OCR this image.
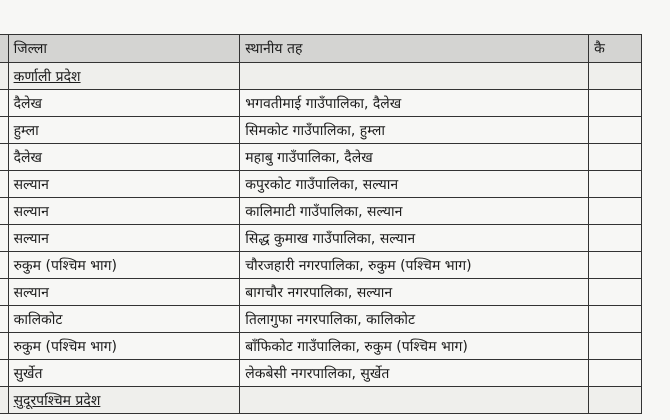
	जिल्ला	स्थानीय तह	कै
	कर्णाली प्रदेश		
	दैलेख	भगवतीमाई गाउँपालिका, दैलेख	
	हुम्ला	सिमकोट गाउँपालिका, हुम्ला	
	दैलेख	महाबु गाउँपालिका, दैलेख	
	सल्यान	कपुरकोट गाउँपालिका, सल्यान	
	सल्यान	कालिमाटी गाउँपालिका, सल्यान	
	सल्यान	सिद्ध कुमाख गाउँपालिका, सल्यान	
	रुकुम (पश्चिम भाग)	चौरजहारी नगरपालिका, रुकुम (पश्चिम भाग)	
	सल्यान	बागचौर नगरपालिका, सल्यान	
	कालिकोट	तिलागुफा नगरपालिका, कालिकोट	
	रुकुम (पश्चिम भाग)	बाँफिकोट गाउँपालिका, रुकुम (पश्चिम भाग)	
	सुर्खेत	लेकबेसी नगरपालिका, सुर्खेत	
	सुदूरपश्चिम प्रदेश		
